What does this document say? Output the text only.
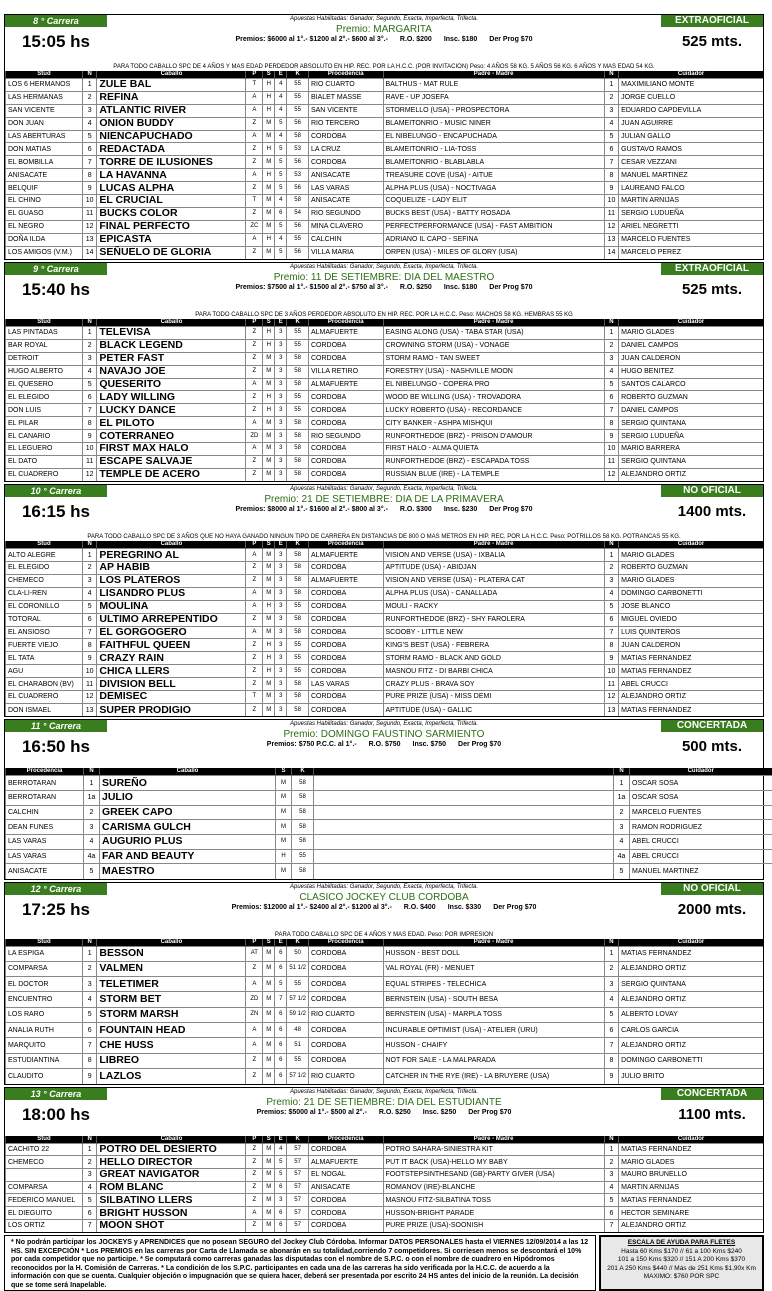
8 ° Carrera
15:05 hs
Apuestas Habilitadas: Ganador, Segundo, Exacta, Imperfecta, Trifecta.
Premio: MARGARITA
Premios: $6000 al 1°.- $1200 al 2°.- $600 al 3°.- R.O. $200 Insc. $180 Der Prog $70
EXTRAOFICIAL
525 mts.
PARA TODO CABALLO SPC DE 4 AÑOS Y MAS EDAD PERDEDOR ABSOLUTO EN HIP. REC. POR LA H.C.C. (POR INVITACION) Peso: 4 AÑOS 58 KG. 5 AÑOS 56 KG. 6 AÑOS Y MAS EDAD 54 KG.
Stud	N	Caballo	P	S	E	K	Procedencia	Padre - Madre	N	Cuidador
LOS 6 HERMANOS	1	ZULE BAL	T	H	4	55	RIO CUARTO	BALTHUS - MAT RULE	1	MAXIMILIANO MONTE
LAS HERMANAS	2	REFINA	A	H	4	55	BIALET MASSE	RAVE - UP JOSEFA	2	JORGE CUELLO
SAN VICENTE	3	ATLANTIC RIVER	A	H	4	55	SAN VICENTE	STORMELLO (USA) - PROSPECTORA	3	EDUARDO CAPDEVILLA
DON JUAN	4	ONION BUDDY	Z	M	5	56	RIO TERCERO	BLAMEITONRIO - MUSIC NINER	4	JUAN AGUIRRE
LAS ABERTURAS	5	NIENCAPUCHADO	A	M	4	58	CORDOBA	EL NIBELUNGO - ENCAPUCHADA	5	JULIAN GALLO
DON MATIAS	6	REDACTADA	Z	H	5	53	LA CRUZ	BLAMEITONRIO - LIA-TOSS	6	GUSTAVO RAMOS
EL BOMBILLA	7	TORRE DE ILUSIONES	Z	M	5	56	CORDOBA	BLAMEITONRIO - BLABLABLA	7	CESAR VEZZANI
ANISACATE	8	LA HAVANNA	A	H	5	53	ANISACATE	TREASURE COVE (USA) - AITUE	8	MANUEL MARTINEZ
BELQUIF	9	LUCAS ALPHA	Z	M	5	56	LAS VARAS	ALPHA PLUS (USA) - NOCTIVAGA	9	LAUREANO FALCO
EL CHINO	10	EL CRUCIAL	T	M	4	58	ANISACATE	COQUELIZE - LADY ELIT	10	MARTIN ARNIJAS
EL GUASO	11	BUCKS COLOR	Z	M	6	54	RIO SEGUNDO	BUCKS BEST (USA) - BATTY ROSADA	11	SERGIO LUDUEÑA
EL NEGRO	12	FINAL PERFECTO	ZC	M	5	56	MINA CLAVERO	PERFECTPERFORMANCE (USA) - FAST AMBITION	12	ARIEL NEGRETTI
DOÑA ILDA	13	EPICASTA	A	H	4	55	CALCHIN	ADRIANO IL CAPO - SEFINA	13	MARCELO FUENTES
LOS AMIGOS (V.M.)	14	SEÑUELO DE GLORIA	Z	M	5	56	VILLA MARIA	ORPEN (USA) - MILES OF GLORY (USA)	14	MARCELO PEREZ
9 ° Carrera
15:40 hs
Apuestas Habilitadas: Ganador, Segundo, Exacta, Imperfecta, Trifecta.
Premio: 11 DE SETIEMBRE: DIA DEL MAESTRO
Premios: $7500 al 1°.- $1500 al 2°.- $750 al 3°.- R.O. $250 Insc. $180 Der Prog $70
EXTRAOFICIAL
525 mts.
PARA TODO CABALLO SPC DE 3 AÑOS PERDEDOR ABSOLUTO EN HIP. REC. POR LA H.C.C. Peso: MACHOS 58 KG. HEMBRAS 55 KG
Stud	N	Caballo	P	S	E	K	Procedencia	Padre - Madre	N	Cuidador
LAS PINTADAS	1	TELEVISA	Z	H	3	55	ALMAFUERTE	EASING ALONG (USA) - TABA STAR (USA)	1	MARIO GLADES
BAR ROYAL	2	BLACK LEGEND	Z	H	3	55	CORDOBA	CROWNING STORM (USA) - VONAGE	2	DANIEL CAMPOS
DETROIT	3	PETER FAST	Z	M	3	58	CORDOBA	STORM RAMO - TAN SWEET	3	JUAN CALDERON
HUGO ALBERTO	4	NAVAJO JOE	Z	M	3	58	VILLA RETIRO	FORESTRY (USA) - NASHVILLE MOON	4	HUGO BENITEZ
EL QUESERO	5	QUESERITO	A	M	3	58	ALMAFUERTE	EL NIBELUNGO - COPERA PRO	5	SANTOS CALARCO
EL ELEGIDO	6	LADY WILLING	Z	H	3	55	CORDOBA	WOOD BE WILLING (USA) - TROVADORA	6	ROBERTO GUZMAN
DON LUIS	7	LUCKY DANCE	Z	H	3	55	CORDOBA	LUCKY ROBERTO (USA) - RECORDANCE	7	DANIEL CAMPOS
EL PILAR	8	EL PILOTO	A	M	3	58	CORDOBA	CITY BANKER - ASHPA MISHQUI	8	SERGIO QUINTANA
EL CANARIO	9	COTERRANEO	ZD	M	3	58	RIO SEGUNDO	RUNFORTHEDOE (BRZ) - PRISON D'AMOUR	9	SERGIO LUDUEÑA
EL LEGUERO	10	FIRST MAX HALO	A	M	3	58	CORDOBA	FIRST HALO - ALMA QUIETA	10	MARIO BARRERA
EL DATO	11	ESCAPE SALVAJE	Z	M	3	58	CORDOBA	RUNFORTHEDOE (BRZ) - ESCAPADA TOSS	11	SERGIO QUINTANA
EL CUADRERO	12	TEMPLE DE ACERO	Z	M	3	58	CORDOBA	RUSSIAN BLUE (IRE) - LA TEMPLE	12	ALEJANDRO ORTIZ
10 ° Carrera
16:15 hs
Apuestas Habilitadas: Ganador, Segundo, Exacta, Imperfecta, Trifecta.
Premio: 21 DE SETIEMBRE: DIA DE LA PRIMAVERA
Premios: $8000 al 1°.- $1600 al 2°.- $800 al 3°.- R.O. $300 Insc. $230 Der Prog $70
NO OFICIAL
1400 mts.
PARA TODO CABALLO SPC DE 3 AÑOS QUE NO HAYA GANADO NINGUN TIPO DE CARRERA EN DISTANCIAS DE 800 O MAS METROS EN HIP. REC. POR LA H.C.C. Peso: POTRILLOS 58 KG. POTRANCAS 55 KG.
Stud	N	Caballo	P	S	E	K	Procedencia	Padre - Madre	N	Cuidador
ALTO ALEGRE	1	PEREGRINO AL	A	M	3	58	ALMAFUERTE	VISION AND VERSE (USA) - IXBALIA	1	MARIO GLADES
EL ELEGIDO	2	AP HABIB	Z	M	3	58	CORDOBA	APTITUDE (USA) - ABIDJAN	2	ROBERTO GUZMAN
CHEMECO	3	LOS PLATEROS	Z	M	3	58	ALMAFUERTE	VISION AND VERSE (USA) - PLATERA CAT	3	MARIO GLADES
CLA-LI-REN	4	LISANDRO PLUS	A	M	3	58	CORDOBA	ALPHA PLUS (USA) - CANALLADA	4	DOMINGO CARBONETTI
EL CORONILLO	5	MOULINA	A	H	3	55	CORDOBA	MOULI - RACKY	5	JOSE BLANCO
TOTORAL	6	ULTIMO ARREPENTIDO	Z	M	3	58	CORDOBA	RUNFORTHEDOE (BRZ) - SHY FAROLERA	6	MIGUEL OVIEDO
EL ANSIOSO	7	EL GORGOGERO	A	M	3	58	CORDOBA	SCOOBY - LITTLE NEW	7	LUIS QUINTEROS
FUERTE VIEJO	8	FAITHFUL QUEEN	Z	H	3	55	CORDOBA	KING'S BEST (USA) - FEBRERA	8	JUAN CALDERON
EL TATA	9	CRAZY RAIN	Z	H	3	55	CORDOBA	STORM RAMO - BLACK AND GOLD	9	MATIAS FERNANDEZ
AGU	10	CHICA LLERS	Z	H	3	55	CORDOBA	MASNOU FITZ - DI BARBI CHICA	10	MATIAS FERNANDEZ
EL CHARABON (BV)	11	DIVISION BELL	Z	M	3	58	LAS VARAS	CRAZY PLUS - BRAVA SOY	11	ABEL CRUCCI
EL CUADRERO	12	DEMISEC	T	M	3	58	CORDOBA	PURE PRIZE (USA) - MISS DEMI	12	ALEJANDRO ORTIZ
DON ISMAEL	13	SUPER PRODIGIO	Z	M	3	58	CORDOBA	APTITUDE (USA) - GALLIC	13	MATIAS FERNANDEZ
11 ° Carrera
16:50 hs
Apuestas Habilitadas: Ganador, Segundo, Exacta, Imperfecta, Trifecta.
Premio: DOMINGO FAUSTINO SARMIENTO
Premios: $750 P.C.C. al 1°.- R.O. $750 Insc. $750 Der Prog $70
CONCERTADA
500 mts.
Procedencia	N	Caballo	S	K		N	Cuidador
BERROTARAN	1	SUREÑO	M	58		1	OSCAR SOSA
BERROTARAN	1a	JULIO	M	58		1a	OSCAR SOSA
CALCHIN	2	GREEK CAPO	M	58		2	MARCELO FUENTES
DEAN FUNES	3	CARISMA GULCH	M	58		3	RAMON RODRIGUEZ
LAS VARAS	4	AUGURIO PLUS	M	58		4	ABEL CRUCCI
LAS VARAS	4a	FAR AND BEAUTY	H	55		4a	ABEL CRUCCI
ANISACATE	5	MAESTRO	M	58		5	MANUEL MARTINEZ
12 ° Carrera
17:25 hs
Apuestas Habilitadas: Ganador, Segundo, Exacta, Imperfecta, Trifecta.
CLASICO JOCKEY CLUB CORDOBA
Premios: $12000 al 1°.- $2400 al 2°.- $1200 al 3°.- R.O. $400 Insc. $330 Der Prog $70
NO OFICIAL
2000 mts.
PARA TODO CABALLO SPC DE 4 AÑOS Y MAS EDAD. Peso: POR IMPRESION
Stud	N	Caballo	P	S	E	K	Procedencia	Padre - Madre	N	Cuidador
LA ESPIGA	1	BESSON	AT	M	6	50	CORDOBA	HUSSON - BEST DOLL	1	MATIAS FERNANDEZ
COMPARSA	2	VALMEN	Z	M	6	51 1/2	CORDOBA	VAL ROYAL (FR) - MENUET	2	ALEJANDRO ORTIZ
EL DOCTOR	3	TELETIMER	A	M	5	55	CORDOBA	EQUAL STRIPES - TELECHICA	3	SERGIO QUINTANA
ENCUENTRO	4	STORM BET	ZD	M	7	57 1/2	CORDOBA	BERNSTEIN (USA) - SOUTH BESA	4	ALEJANDRO ORTIZ
LOS RARO	5	STORM MARSH	ZN	M	6	59 1/2	RIO CUARTO	BERNSTEIN (USA) - MARPLA TOSS	5	ALBERTO LOVAY
ANALIA RUTH	6	FOUNTAIN HEAD	A	M	6	48	CORDOBA	INCURABLE OPTIMIST (USA) - ATELIER (URU)	6	CARLOS GARCIA
MARQUITO	7	CHE HUSS	A	M	6	51	CORDOBA	HUSSON - CHAIFY	7	ALEJANDRO ORTIZ
ESTUDIANTINA	8	LIBREO	Z	M	6	55	CORDOBA	NOT FOR SALE - LA MALPARADA	8	DOMINGO CARBONETTI
CLAUDITO	9	LAZLOS	Z	M	6	57 1/2	RIO CUARTO	CATCHER IN THE RYE (IRE) - LA BRUYERE (USA)	9	JULIO BRITO
13 ° Carrera
18:00 hs
Apuestas Habilitadas: Ganador, Segundo, Exacta, Imperfecta, Trifecta.
Premio: 21 DE SETIEMBRE: DIA DEL ESTUDIANTE
Premios: $5000 al 1°.- $500 al 2°.- R.O. $250 Insc. $250 Der Prog $70
CONCERTADA
1100 mts.
Stud	N	Caballo	P	S	E	K	Procedencia	Padre - Madre	N	Cuidador
CACHITO 22	1	POTRO DEL DESIERTO	Z	M	4	57	CORDOBA	POTRO SAHARA-SINIESTRA KIT	1	MATIAS FERNANDEZ
CHEMECO	2	HELLO DIRECTOR	Z	M	5	57	ALMAFUERTE	PUT IT BACK (USA)-HELLO MY BABY	2	MARIO GLADES
	3	GREAT NAVIGATOR	Z	M	5	57	EL NOGAL	FOOTSTEPSINTHESAND (GB)-PARTY GIVER (USA)	3	MAURO BRUNELLO
COMPARSA	4	ROM BLANC	Z	M	6	57	ANISACATE	ROMANOV (IRE)-BLANCHE	4	MARTIN ARNIJAS
FEDERICO MANUEL	5	SILBATINO LLERS	Z	M	3	57	CORDOBA	MASNOU FITZ-SILBATINA TOSS	5	MATIAS FERNANDEZ
EL DIEGUITO	6	BRIGHT HUSSON	A	M	6	57	CORDOBA	HUSSON-BRIGHT PARADE	6	HECTOR SEMINARE
LOS ORTIZ	7	MOON SHOT	Z	M	6	57	CORDOBA	PURE PRIZE (USA)-SOONISH	7	ALEJANDRO ORTIZ
* No podrán participar los JOCKEYS y APRENDICES que no posean SEGURO del Jockey Club Córdoba. Informar DATOS PERSONALES hasta el VIERNES 12/09/2014 a las 12 HS. SIN EXCEPCIÓN * Los PREMIOS en las carreras por Carta de Llamada se abonarán en su totalidad,corriendo 7 competidores. Si corriesen menos se descontará el 10% por cada competidor que no participe. * Se computará como carreras ganadas las disputadas con el nombre de S.P.C. o con el nombre de cuadrero en Hipódromos reconocidos por la H. Comisión de Carreras. * La condición de los S.P.C. participantes en cada una de las carreras ha sido verificada por la H.C.C. de acuerdo a la información con que se cuenta. Cualquier objeción o impugnación que se quiera hacer, deberá ser presentada por escrito 24 HS antes del inicio de la reunión. La decisión que se tome será Inapelable.
ESCALA DE AYUDA PARA FLETES
Hasta 60 Kms $170 // 61 a 100 Kms $240
101 a 150 Kms $320 // 151 A 200 Kms $370
201 A 250 Kms $440 // Más de 251 Kms $1,90x Km
MAXIMO: $760 POR SPC
